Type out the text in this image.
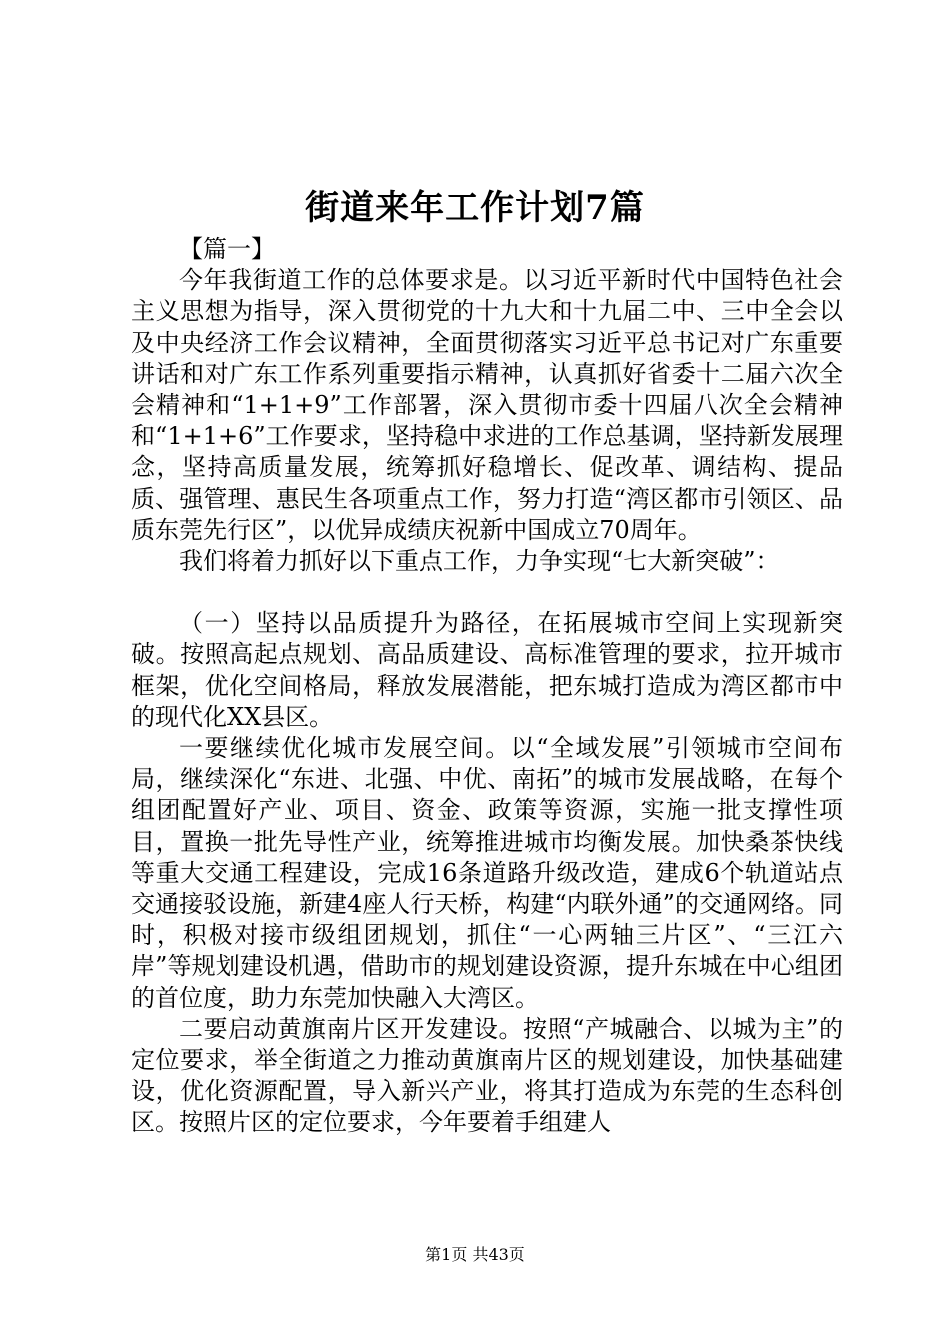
街道来年工作计划7篇

【篇一】

今年我街道工作的总体要求是。以习近平新时代中国特色社会主义思想为指导，深入贯彻党的十九大和十九届二中、三中全会以及中央经济工作会议精神，全面贯彻落实习近平总书记对广东重要讲话和对广东工作系列重要指示精神，认真抓好省委十二届六次全会精神和“1+1+9”工作部署，深入贯彻市委十四届八次全会精神和“1+1+6”工作要求，坚持稳中求进的工作总基调，坚持新发展理念，坚持高质量发展，统筹抓好稳增长、促改革、调结构、提品质、强管理、惠民生各项重点工作，努力打造“湾区都市引领区、品质东莞先行区”，以优异成绩庆祝新中国成立70周年。

我们将着力抓好以下重点工作，力争实现“七大新突破”：

（一）坚持以品质提升为路径，在拓展城市空间上实现新突破。按照高起点规划、高品质建设、高标准管理的要求，拉开城市框架，优化空间格局，释放发展潜能，把东城打造成为湾区都市中的现代化XX县区。

一要继续优化城市发展空间。以“全域发展”引领城市空间布局，继续深化“东进、北强、中优、南拓”的城市发展战略，在每个组团配置好产业、项目、资金、政策等资源，实施一批支撑性项目，置换一批先导性产业，统筹推进城市均衡发展。加快桑茶快线等重大交通工程建设，完成16条道路升级改造，建成6个轨道站点交通接驳设施，新建4座人行天桥，构建“内联外通”的交通网络。同时，积极对接市级组团规划，抓住“一心两轴三片区”、“三江六岸”等规划建设机遇，借助市的规划建设资源，提升东城在中心组团的首位度，助力东莞加快融入大湾区。

二要启动黄旗南片区开发建设。按照“产城融合、以城为主”的定位要求，举全街道之力推动黄旗南片区的规划建设，加快基础建设，优化资源配置，导入新兴产业，将其打造成为东莞的生态科创区。按照片区的定位要求，今年要着手组建人

第1页 共43页
